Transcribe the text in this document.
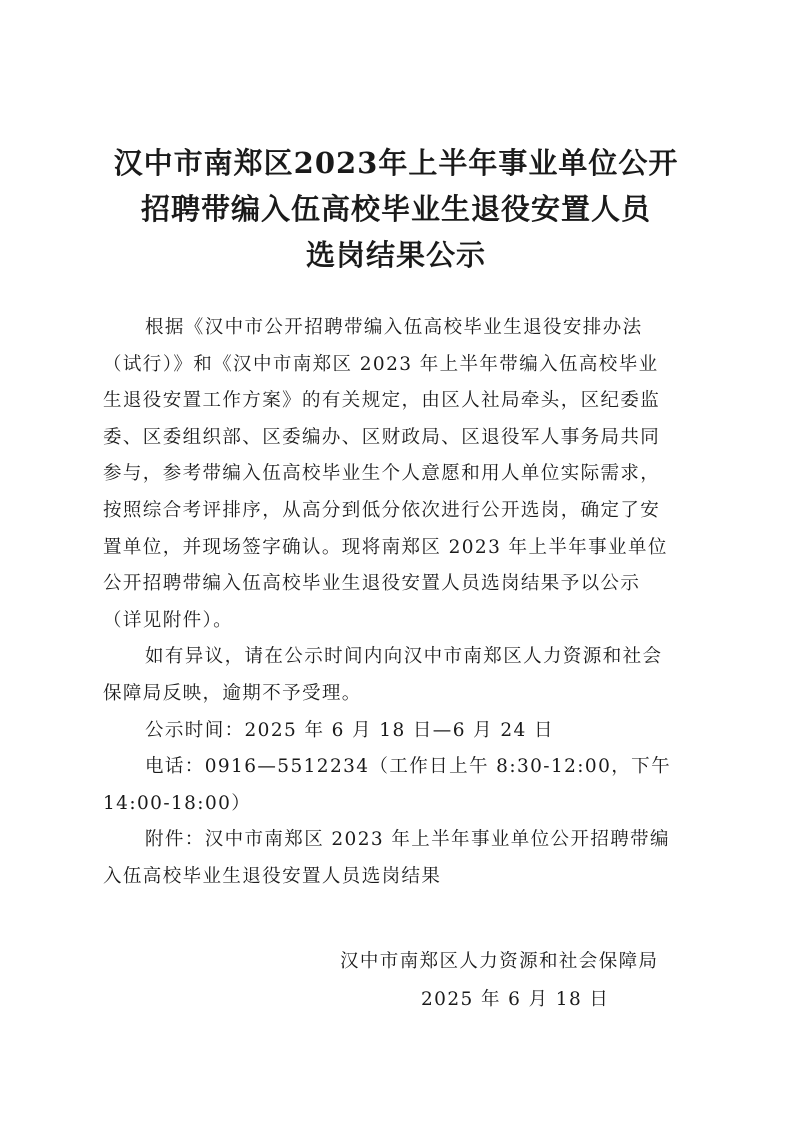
汉中市南郑区2023年上半年事业单位公开
招聘带编入伍高校毕业生退役安置人员
选岗结果公示
根据《汉中市公开招聘带编入伍高校毕业生退役安排办法
（试行）》和《汉中市南郑区 2023 年上半年带编入伍高校毕业
生退役安置工作方案》的有关规定，由区人社局牵头，区纪委监
委、区委组织部、区委编办、区财政局、区退役军人事务局共同
参与，参考带编入伍高校毕业生个人意愿和用人单位实际需求，
按照综合考评排序，从高分到低分依次进行公开选岗，确定了安
置单位，并现场签字确认。现将南郑区 2023 年上半年事业单位
公开招聘带编入伍高校毕业生退役安置人员选岗结果予以公示
（详见附件）。
如有异议，请在公示时间内向汉中市南郑区人力资源和社会
保障局反映，逾期不予受理。
公示时间：2025 年 6 月 18 日—6 月 24 日
电话：0916—5512234（工作日上午 8:30-12:00，下午
14:00-18:00）
附件：汉中市南郑区 2023 年上半年事业单位公开招聘带编
入伍高校毕业生退役安置人员选岗结果
汉中市南郑区人力资源和社会保障局
2025 年 6 月 18 日
